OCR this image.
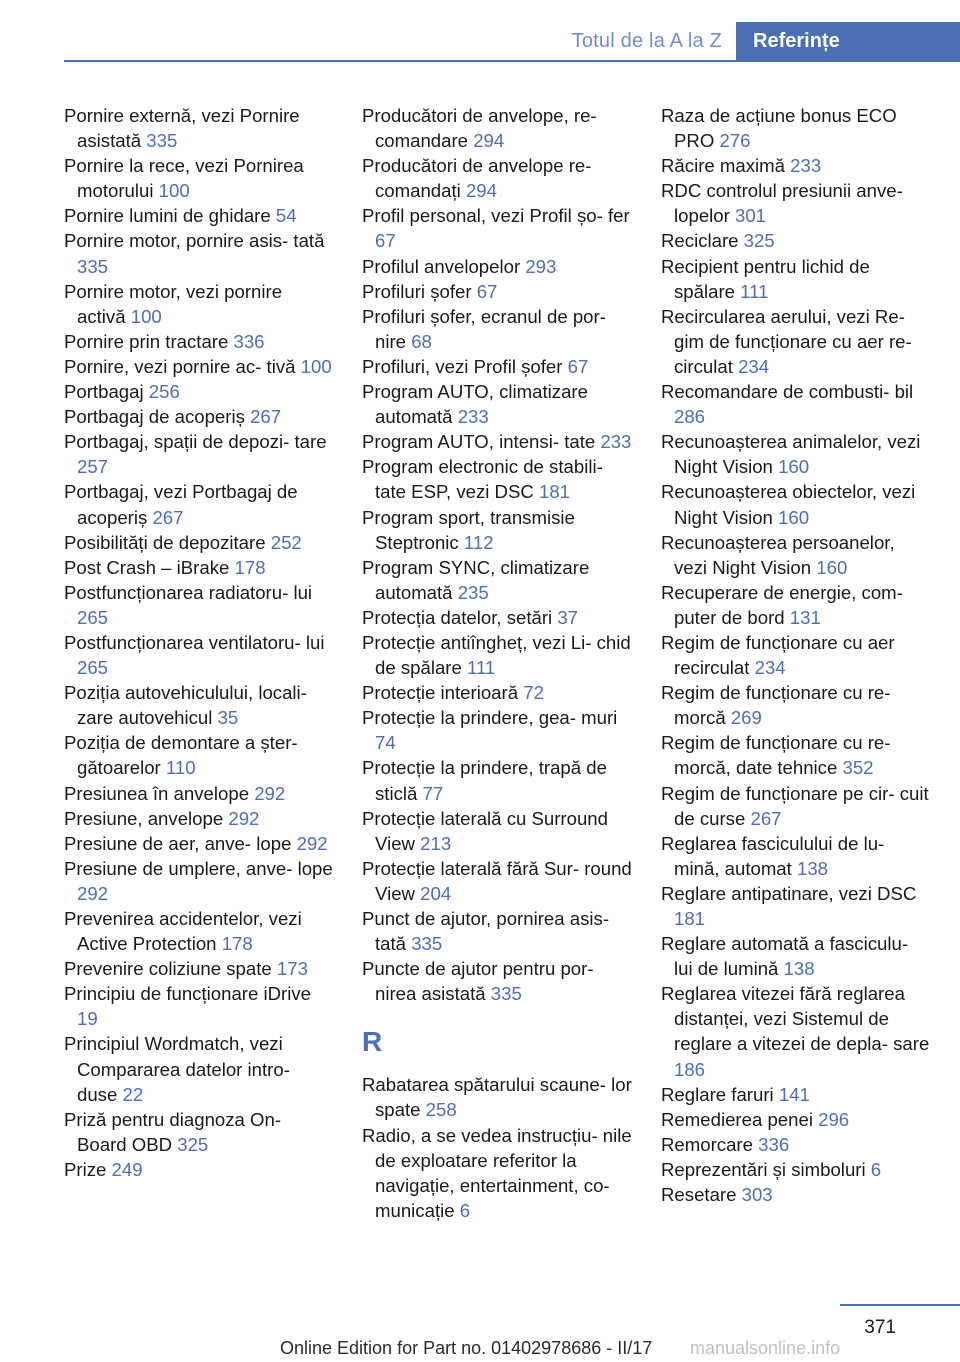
Totul de la A la Z	Referințe

Pornire externă, vezi Pornire asistată 335

Pornire la rece, vezi Pornirea motorului 100

Pornire lumini de ghidare 54

Pornire motor, pornire asis- tată 335

Pornire motor, vezi pornire activă 100

Pornire prin tractare 336

Pornire, vezi pornire ac- tivă 100

Portbagaj 256

Portbagaj de acoperiș 267

Portbagaj, spații de depozi- tare 257

Portbagaj, vezi Portbagaj de acoperiș 267

Posibilități de depozitare 252

Post Crash – iBrake 178

Postfuncționarea radiatoru- lui 265

Postfuncționarea ventilatoru- lui 265

Poziția autovehiculului, locali- zare autovehicul 35

Poziția de demontare a șter- gătoarelor 110

Presiunea în anvelope 292

Presiune, anvelope 292

Presiune de aer, anve- lope 292

Presiune de umplere, anve- lope 292

Prevenirea accidentelor, vezi Active Protection 178

Prevenire coliziune spate 173

Principiu de funcționare iDrive 19

Principiul Wordmatch, vezi Compararea datelor intro- duse 22

Priză pentru diagnoza On- Board OBD 325

Prize 249

Producători de anvelope, re- comandare 294

Producători de anvelope re- comandați 294

Profil personal, vezi Profil șo- fer 67

Profilul anvelopelor 293

Profiluri șofer 67

Profiluri șofer, ecranul de por- nire 68

Profiluri, vezi Profil șofer 67

Program AUTO, climatizare automată 233

Program AUTO, intensi- tate 233

Program electronic de stabili- tate ESP, vezi DSC 181

Program sport, transmisie Steptronic 112

Program SYNC, climatizare automată 235

Protecția datelor, setări 37

Protecție antiîngheț, vezi Li- chid de spălare 111

Protecție interioară 72

Protecție la prindere, gea- muri 74

Protecție la prindere, trapă de sticlă 77

Protecție laterală cu Surround View 213

Protecție laterală fără Sur- round View 204

Punct de ajutor, pornirea asis- tată 335

Puncte de ajutor pentru por- nirea asistată 335

R

Rabatarea spătarului scaune- lor spate 258

Radio, a se vedea instrucțiu- nile de exploatare referitor la navigație, entertainment, co- municație 6

Raza de acțiune bonus ECO PRO 276

Răcire maximă 233

RDC controlul presiunii anve- lopelor 301

Reciclare 325

Recipient pentru lichid de spălare 111

Recircularea aerului, vezi Re- gim de funcționare cu aer re- circulat 234

Recomandare de combusti- bil 286

Recunoașterea animalelor, vezi Night Vision 160

Recunoașterea obiectelor, vezi Night Vision 160

Recunoașterea persoanelor, vezi Night Vision 160

Recuperare de energie, com- puter de bord 131

Regim de funcționare cu aer recirculat 234

Regim de funcționare cu re- morcă 269

Regim de funcționare cu re- morcă, date tehnice 352

Regim de funcționare pe cir- cuit de curse 267

Reglarea fasciculului de lu- mină, automat 138

Reglare antipatinare, vezi DSC 181

Reglare automată a fasciculu- lui de lumină 138

Reglarea vitezei fără reglarea distanței, vezi Sistemul de reglare a vitezei de depla- sare 186

Reglare faruri 141

Remedierea penei 296

Remorcare 336

Reprezentări și simboluri 6

Resetare 303

371
Online Edition for Part no. 01402978686 - II/17 manualsonline.info
